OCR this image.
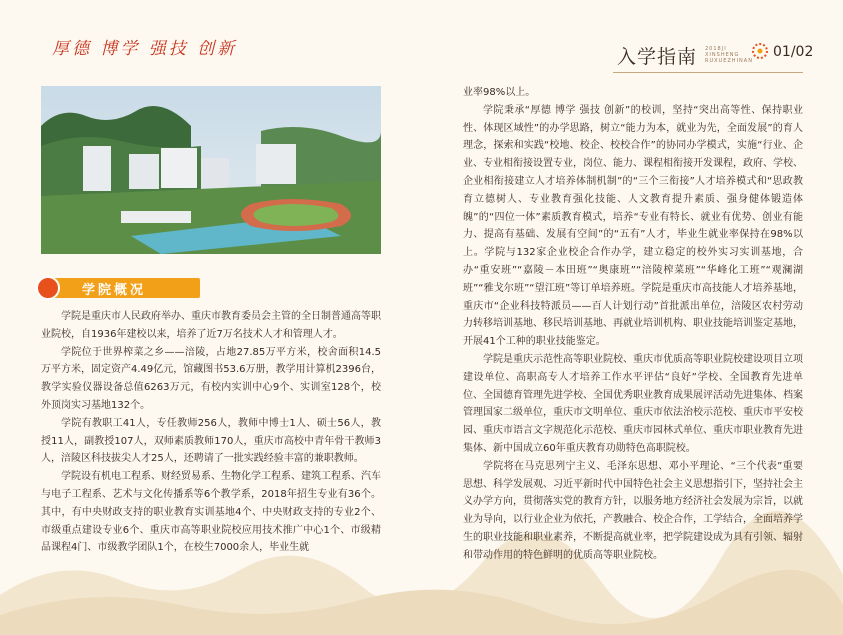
厚德 博学 强技 创新	入学指南 2018JI
XINSHENG
RUXUEZHINAN
01/02
学院概况

学院是重庆市人民政府举办、重庆市教育委员会主管的全日制普通高等职业院校，自1936年建校以来，培养了近7万名技术人才和管理人才。

学院位于世界榨菜之乡——涪陵，占地27.85万平方米，校舍面积14.5万平方米，固定资产4.49亿元，馆藏图书53.6万册，教学用计算机2396台，教学实验仪器设备总值6263万元，有校内实训中心9个、实训室128个，校外顶岗实习基地132个。

学院有教职工41人，专任教师256人，教师中博士1人、硕士56人，教授11人，副教授107人，双师素质教师170人，重庆市高校中青年骨干教师3人，涪陵区科技拔尖人才25人，还聘请了一批实践经验丰富的兼职教师。

学院设有机电工程系、财经贸易系、生物化学工程系、建筑工程系、汽车与电子工程系、艺术与文化传播系等6个教学系，2018年招生专业有36个。其中，有中央财政支持的职业教育实训基地4个、中央财政支持的专业2个、市级重点建设专业6个、重庆市高等职业院校应用技术推广中心1个、市级精品课程4门、市级教学团队1个，在校生7000余人，毕业生就

业率98%以上。

学院秉承“厚德 博学 强技 创新”的校训，坚持“突出高等性、保持职业性、体现区域性”的办学思路，树立“能力为本，就业为先，全面发展”的育人理念，探索和实践“校地、校企、校校合作”的协同办学模式，实施“行业、企业、专业相衔接设置专业，岗位、能力、课程相衔接开发课程，政府、学校、企业相衔接建立人才培养体制机制”的“三个三衔接”人才培养模式和“思政教育立德树人、专业教育强化技能、人文教育提升素质、强身健体锻造体魄”的“四位一体”素质教育模式，培养“专业有特长、就业有优势、创业有能力、提高有基础、发展有空间”的“五有”人才，毕业生就业率保持在98%以上。学院与132家企业校企合作办学，建立稳定的校外实习实训基地，合办“重安班”“嘉陵－本田班”“奥康班”“涪陵榨菜班”“华峰化工班”“观澜湖班”“雅戈尔班”“望江班”等订单培养班。学院是重庆市高技能人才培养基地，重庆市“企业科技特派员——百人计划行动”首批派出单位，涪陵区农村劳动力转移培训基地、移民培训基地、再就业培训机构、职业技能培训鉴定基地，开展41个工种的职业技能鉴定。

学院是重庆示范性高等职业院校、重庆市优质高等职业院校建设项目立项建设单位、高职高专人才培养工作水平评估“良好”学校、全国教育先进单位、全国德育管理先进学校、全国优秀职业教育成果展评活动先进集体、档案管理国家二级单位，重庆市文明单位、重庆市依法治校示范校、重庆市平安校园、重庆市语言文字规范化示范校、重庆市园林式单位、重庆市职业教育先进集体、新中国成立60年重庆教育功勋特色高职院校。

学院将在马克思列宁主义、毛泽东思想、邓小平理论、“三个代表”重要思想、科学发展观、习近平新时代中国特色社会主义思想指引下，坚持社会主义办学方向，贯彻落实党的教育方针，以服务地方经济社会发展为宗旨，以就业为导向，以行业企业为依托，产教融合、校企合作，工学结合，全面培养学生的职业技能和职业素养，不断提高就业率，把学院建设成为具有引领、辐射和带动作用的特色鲜明的优质高等职业院校。
